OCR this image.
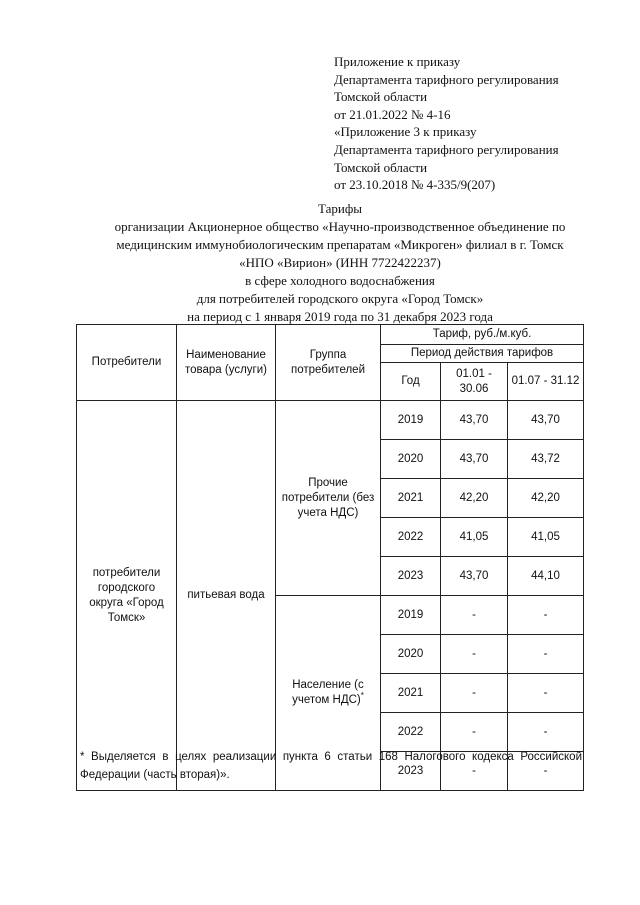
Приложение к приказу
Департамента тарифного регулирования
Томской области
от 21.01.2022 № 4-16
«Приложение 3 к приказу
Департамента тарифного регулирования
Томской области
от 23.10.2018 № 4-335/9(207)
Тарифы
организации Акционерное общество «Научно-производственное объединение по
медицинским иммунобиологическим препаратам «Микроген» филиал в г. Томск
«НПО «Вирион» (ИНН 7722422237)
в сфере холодного водоснабжения
для потребителей городского округа «Город Томск»
на период с 1 января 2019 года по 31 декабря 2023 года
Потребители	Наименование товара (услуги)	Группа потребителей	Тариф, руб./м.куб.		
			Период действия тарифов		
			Год	01.01 - 30.06	01.07 - 31.12
потребители городского округа «Город Томск»	питьевая вода	Прочие потребители (без учета НДС)	2019	43,70	43,70
			2020	43,70	43,72
			2021	42,20	42,20
			2022	41,05	41,05
			2023	43,70	44,10
		Население (с учетом НДС)*	2019	-	-
			2020	-	-
			2021	-	-
			2022	-	-
			2023	-	-
* Выделяется в целях реализации пункта 6 статьи 168 Налогового кодекса Российской Федерации (часть вторая)».
